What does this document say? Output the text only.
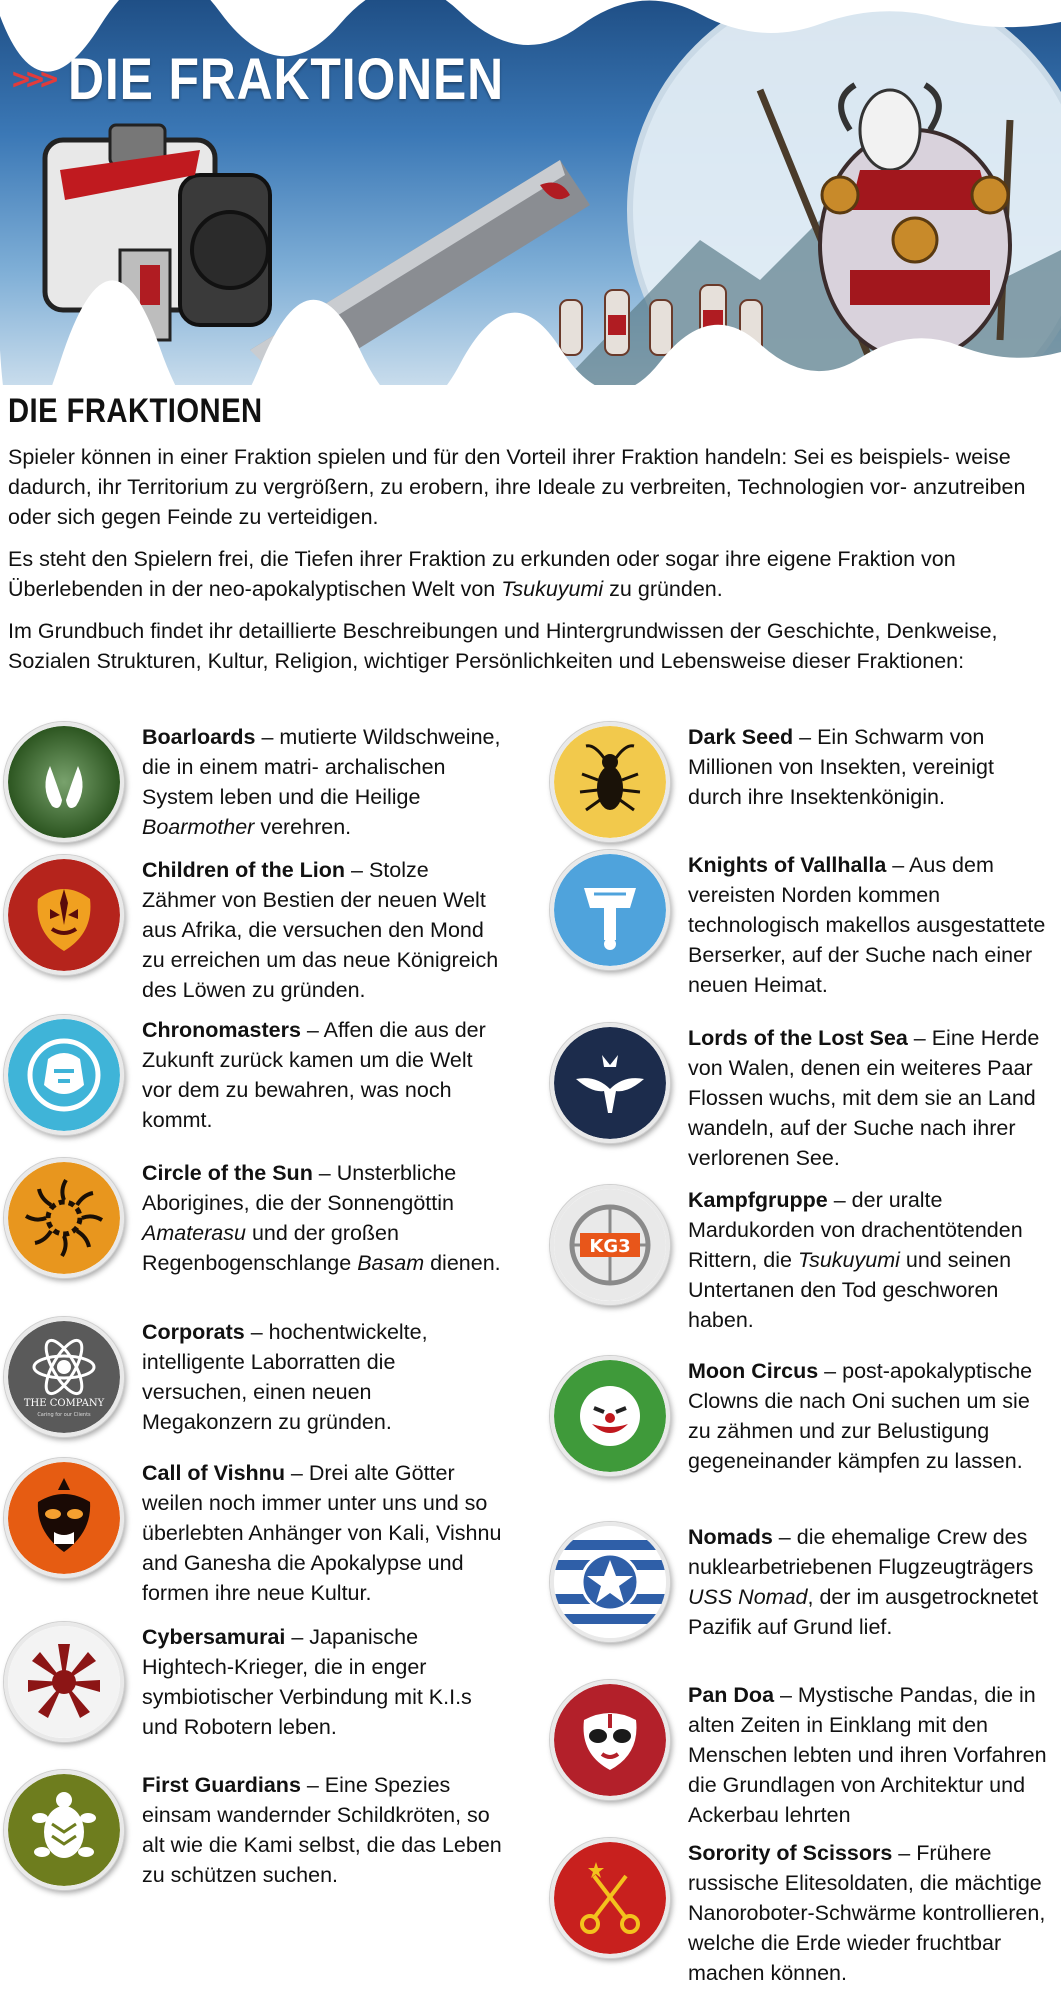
>>> DIE FRAKTIONEN
DIE FRAKTIONEN

Spieler können in einer Fraktion spielen und für den Vorteil ihrer Fraktion handeln: Sei es beispiels- weise dadurch, ihr Territorium zu vergrößern, zu erobern, ihre Ideale zu verbreiten, Technologien vor- anzutreiben oder sich gegen Feinde zu verteidigen.

Es steht den Spielern frei, die Tiefen ihrer Fraktion zu erkunden oder sogar ihre eigene Fraktion von Überlebenden in der neo-apokalyptischen Welt von Tsukuyumi zu gründen.

Im Grundbuch findet ihr detaillierte Beschreibungen und Hintergrundwissen der Geschichte, Denkweise, Sozialen Strukturen, Kultur, Religion, wichtiger Persönlichkeiten und Lebensweise dieser Fraktionen:

Boarloards – mutierte Wildschweine, die in einem matri- archalischen System leben und die Heilige Boarmother verehren.
Children of the Lion – Stolze Zähmer von Bestien der neuen Welt aus Afrika, die versuchen den Mond zu erreichen um das neue Königreich des Löwen zu gründen.
Chronomasters – Affen die aus der Zukunft zurück kamen um die Welt vor dem zu bewahren, was noch kommt.
Circle of the Sun – Unsterbliche Aborigines, die der Sonnengöttin Amaterasu und der großen Regenbogenschlange Basam dienen.
THE COMPANY
Caring for our Clients
Corporats – hochentwickelte, intelligente Laborratten die versuchen, einen neuen Megakonzern zu gründen.
Call of Vishnu – Drei alte Götter weilen noch immer unter uns und so überlebten Anhänger von Kali, Vishnu and Ganesha die Apokalypse und formen ihre neue Kultur.
Cybersamurai – Japanische Hightech-Krieger, die in enger symbiotischer Verbindung mit K.I.s und Robotern leben.
First Guardians – Eine Spezies einsam wandernder Schildkröten, so alt wie die Kami selbst, die das Leben zu schützen suchen.
Dark Seed – Ein Schwarm von Millionen von Insekten, vereinigt durch ihre Insektenkönigin.
Knights of Vallhalla – Aus dem vereisten Norden kommen technologisch makellos ausgestattete Berserker, auf der Suche nach einer neuen Heimat.
Lords of the Lost Sea – Eine Herde von Walen, denen ein weiteres Paar Flossen wuchs, mit dem sie an Land wandeln, auf der Suche nach ihrer verlorenen See.
KG3
Kampfgruppe – der uralte Mardukorden von drachentötenden Rittern, die Tsukuyumi und seinen Untertanen den Tod geschworen haben.
Moon Circus – post-apokalyptische Clowns die nach Oni suchen um sie zu zähmen und zur Belustigung gegeneinander kämpfen zu lassen.
Nomads – die ehemalige Crew des nuklearbetriebenen Flugzeugträgers USS Nomad, der im ausgetrocknetet Pazifik auf Grund lief.
Pan Doa – Mystische Pandas, die in alten Zeiten in Einklang mit den Menschen lebten und ihren Vorfahren die Grundlagen von Architektur und Ackerbau lehrten
Sorority of Scissors – Frühere russische Elitesoldaten, die mächtige Nanoroboter-Schwärme kontrollieren, welche die Erde wieder fruchtbar machen können.
